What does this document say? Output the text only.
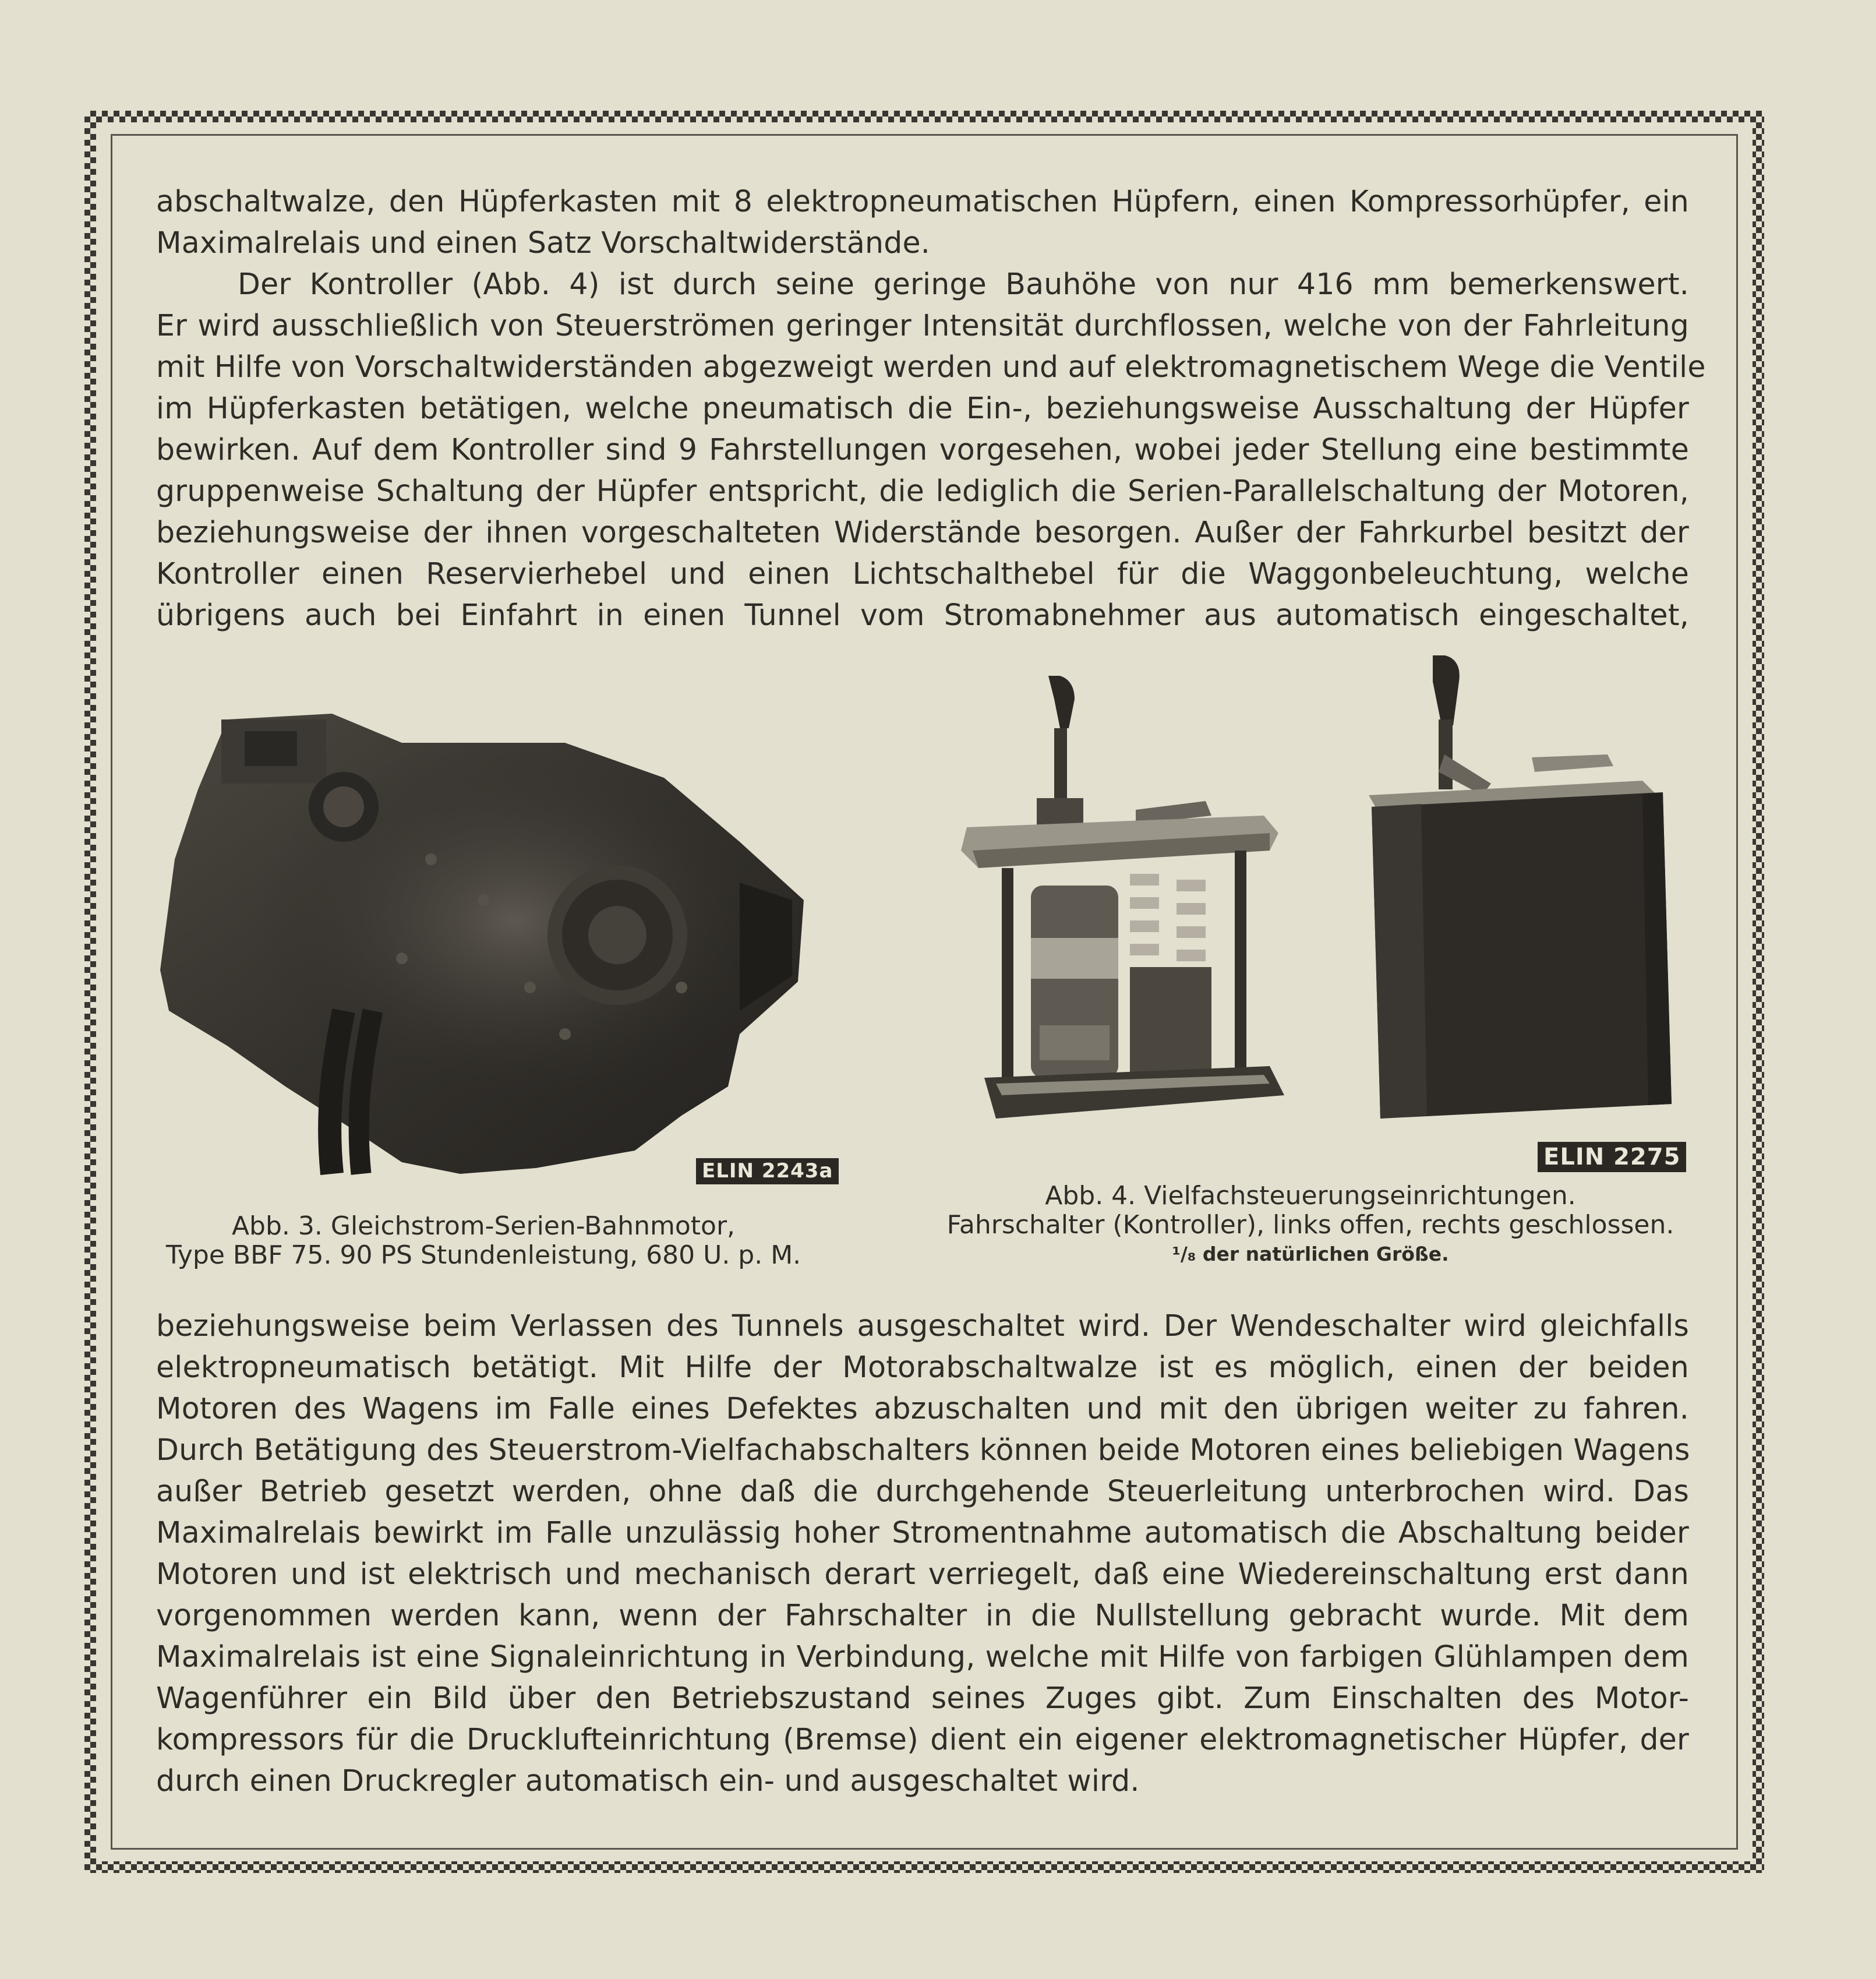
abschaltwalze, den Hüpferkasten mit 8 elektropneumatischen Hüpfern, einen Kompressorhüpfer, ein
Maximalrelais und einen Satz Vorschaltwiderstände.
Der Kontroller (Abb. 4) ist durch seine geringe Bauhöhe von nur 416 mm bemerkenswert.
Er wird ausschließlich von Steuerströmen geringer Intensität durchflossen, welche von der Fahrleitung
mit Hilfe von Vorschaltwiderständen abgezweigt werden und auf elektromagnetischem Wege die Ventile
im Hüpferkasten betätigen, welche pneumatisch die Ein-, beziehungsweise Ausschaltung der Hüpfer
bewirken. Auf dem Kontroller sind 9 Fahrstellungen vorgesehen, wobei jeder Stellung eine bestimmte
gruppenweise Schaltung der Hüpfer entspricht, die lediglich die Serien-Parallelschaltung der Motoren,
beziehungsweise der ihnen vorgeschalteten Widerstände besorgen. Außer der Fahrkurbel besitzt der
Kontroller einen Reservierhebel und einen Lichtschalthebel für die Waggonbeleuchtung, welche
übrigens auch bei Einfahrt in einen Tunnel vom Stromabnehmer aus automatisch eingeschaltet,
ELIN 2243a
ELIN 2275
Abb. 3. Gleichstrom-Serien-Bahnmotor,
Type BBF 75. 90 PS Stundenleistung, 680 U. p. M.
Abb. 4. Vielfachsteuerungseinrichtungen.
Fahrschalter (Kontroller), links offen, rechts geschlossen.
¹/₈ der natürlichen Größe.
beziehungsweise beim Verlassen des Tunnels ausgeschaltet wird. Der Wendeschalter wird gleichfalls
elektropneumatisch betätigt. Mit Hilfe der Motorabschaltwalze ist es möglich, einen der beiden
Motoren des Wagens im Falle eines Defektes abzuschalten und mit den übrigen weiter zu fahren.
Durch Betätigung des Steuerstrom-Vielfachabschalters können beide Motoren eines beliebigen Wagens
außer Betrieb gesetzt werden, ohne daß die durchgehende Steuerleitung unterbrochen wird. Das
Maximalrelais bewirkt im Falle unzulässig hoher Stromentnahme automatisch die Abschaltung beider
Motoren und ist elektrisch und mechanisch derart verriegelt, daß eine Wiedereinschaltung erst dann
vorgenommen werden kann, wenn der Fahrschalter in die Nullstellung gebracht wurde. Mit dem
Maximalrelais ist eine Signaleinrichtung in Verbindung, welche mit Hilfe von farbigen Glühlampen dem
Wagenführer ein Bild über den Betriebszustand seines Zuges gibt. Zum Einschalten des Motor-
kompressors für die Drucklufteinrichtung (Bremse) dient ein eigener elektromagnetischer Hüpfer, der
durch einen Druckregler automatisch ein- und ausgeschaltet wird.
